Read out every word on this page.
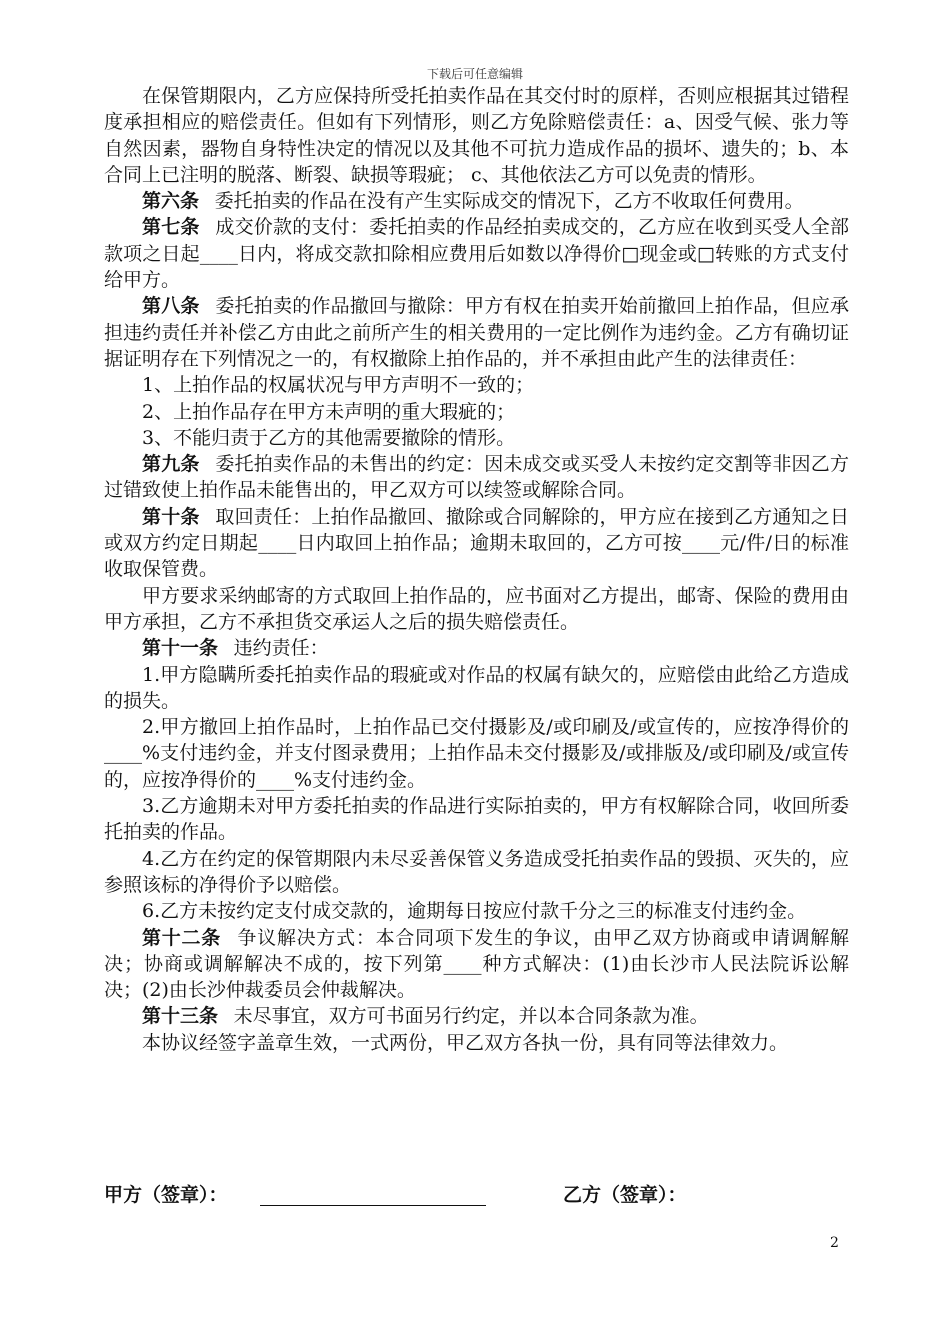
下载后可任意编辑

在保管期限内，乙方应保持所受托拍卖作品在其交付时的原样，否则应根据其过错程度承担相应的赔偿责任。但如有下列情形，则乙方免除赔偿责任：a、因受气候、张力等自然因素，器物自身特性决定的情况以及其他不可抗力造成作品的损坏、遗失的；b、本合同上已注明的脱落、断裂、缺损等瑕疵； c、其他依法乙方可以免责的情形。

第六条 委托拍卖的作品在没有产生实际成交的情况下，乙方不收取任何费用。

第七条 成交价款的支付：委托拍卖的作品经拍卖成交的，乙方应在收到买受人全部款项之日起____日内，将成交款扣除相应费用后如数以净得价□现金或□转账的方式支付给甲方。

第八条 委托拍卖的作品撤回与撤除：甲方有权在拍卖开始前撤回上拍作品，但应承担违约责任并补偿乙方由此之前所产生的相关费用的一定比例作为违约金。乙方有确切证据证明存在下列情况之一的，有权撤除上拍作品的，并不承担由此产生的法律责任：

1、上拍作品的权属状况与甲方声明不一致的；

2、上拍作品存在甲方未声明的重大瑕疵的；

3、不能归责于乙方的其他需要撤除的情形。

第九条 委托拍卖作品的未售出的约定：因未成交或买受人未按约定交割等非因乙方过错致使上拍作品未能售出的，甲乙双方可以续签或解除合同。

第十条 取回责任：上拍作品撤回、撤除或合同解除的，甲方应在接到乙方通知之日或双方约定日期起____日内取回上拍作品；逾期未取回的，乙方可按____元/件/日的标准收取保管费。

甲方要求采纳邮寄的方式取回上拍作品的，应书面对乙方提出，邮寄、保险的费用由甲方承担，乙方不承担货交承运人之后的损失赔偿责任。

第十一条 违约责任：

1.甲方隐瞒所委托拍卖作品的瑕疵或对作品的权属有缺欠的，应赔偿由此给乙方造成的损失。

2.甲方撤回上拍作品时，上拍作品已交付摄影及/或印刷及/或宣传的，应按净得价的____%支付违约金，并支付图录费用；上拍作品未交付摄影及/或排版及/或印刷及/或宣传的，应按净得价的____%支付违约金。

3.乙方逾期未对甲方委托拍卖的作品进行实际拍卖的，甲方有权解除合同，收回所委托拍卖的作品。

4.乙方在约定的保管期限内未尽妥善保管义务造成受托拍卖作品的毁损、灭失的，应参照该标的净得价予以赔偿。

6.乙方未按约定支付成交款的，逾期每日按应付款千分之三的标准支付违约金。

第十二条 争议解决方式：本合同项下发生的争议，由甲乙双方协商或申请调解解决；协商或调解解决不成的，按下列第____种方式解决：(1)由长沙市人民法院诉讼解决；(2)由长沙仲裁委员会仲裁解决。

第十三条 未尽事宜，双方可书面另行约定，并以本合同条款为准。

本协议经签字盖章生效，一式两份，甲乙双方各执一份，具有同等法律效力。

甲方（签章）：	乙方（签章）：
2
